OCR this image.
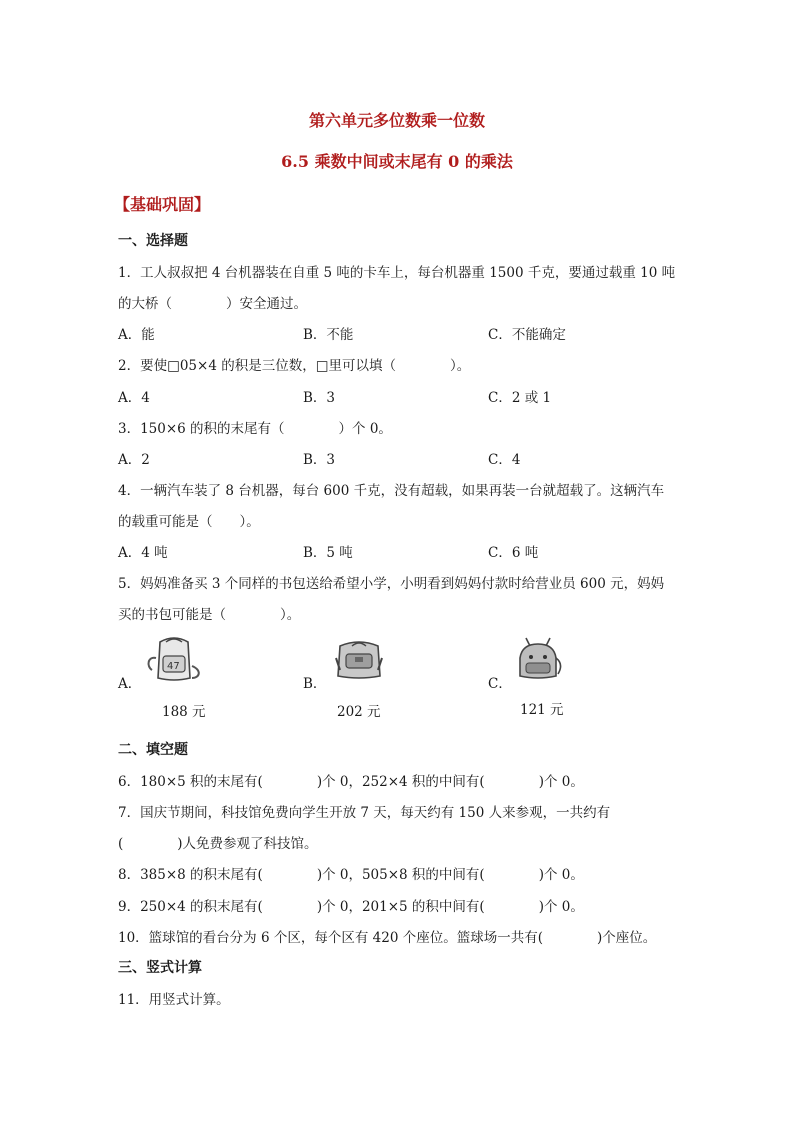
第六单元多位数乘一位数
6.5 乘数中间或末尾有 0 的乘法
【基础巩固】
一、选择题
1．工人叔叔把 4 台机器装在自重 5 吨的卡车上，每台机器重 1500 千克，要通过载重 10 吨
的大桥（　　　　）安全通过。
A．能	B．不能	C．不能确定
2．要使□05×4 的积是三位数，□里可以填（　　　　）。
A．4	B．3	C．2 或 1
3．150×6 的积的末尾有（　　　　）个 0。
A．2	B．3	C．4
4．一辆汽车装了 8 台机器，每台 600 千克，没有超载，如果再装一台就超载了。这辆汽车
的载重可能是（　　）。
A．4 吨	B．5 吨	C．6 吨
5．妈妈准备买 3 个同样的书包送给希望小学，小明看到妈妈付款时给营业员 600 元，妈妈
买的书包可能是（　　　　）。
A．
47
188 元
B．
202 元
C．
121 元
二、填空题
6．180×5 积的末尾有(　　　　)个 0，252×4 积的中间有(　　　　)个 0。
7．国庆节期间，科技馆免费向学生开放 7 天，每天约有 150 人来参观，一共约有
(　　　　)人免费参观了科技馆。
8．385×8 的积末尾有(　　　　)个 0，505×8 积的中间有(　　　　)个 0。
9．250×4 的积末尾有(　　　　)个 0，201×5 的积中间有(　　　　)个 0。
10．篮球馆的看台分为 6 个区，每个区有 420 个座位。篮球场一共有(　　　　)个座位。
三、竖式计算
11．用竖式计算。
